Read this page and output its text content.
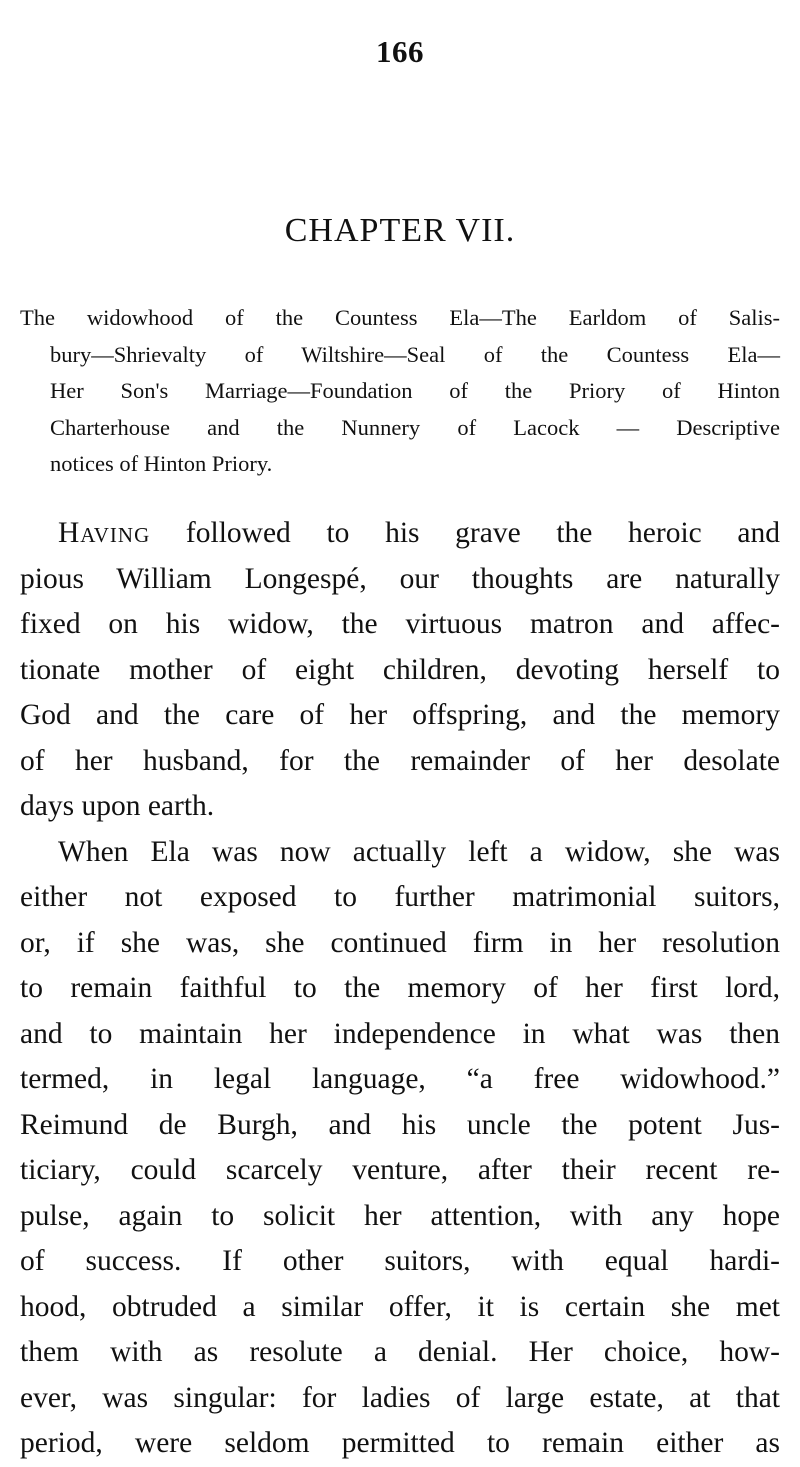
166
CHAPTER VII.
The widowhood of the Countess Ela—The Earldom of Salis-
bury—Shrievalty of Wiltshire—Seal of the Countess Ela—
Her Son's Marriage—Foundation of the Priory of Hinton
Charterhouse and the Nunnery of Lacock — Descriptive
notices of Hinton Priory.
Having followed to his grave the heroic and
pious William Longespé, our thoughts are naturally
fixed on his widow, the virtuous matron and affec-
tionate mother of eight children, devoting herself to
God and the care of her offspring, and the memory
of her husband, for the remainder of her desolate
days upon earth.
When Ela was now actually left a widow, she was
either not exposed to further matrimonial suitors,
or, if she was, she continued firm in her resolution
to remain faithful to the memory of her first lord,
and to maintain her independence in what was then
termed, in legal language, “a free widowhood.”
Reimund de Burgh, and his uncle the potent Jus-
ticiary, could scarcely venture, after their recent re-
pulse, again to solicit her attention, with any hope
of success. If other suitors, with equal hardi-
hood, obtruded a similar offer, it is certain she met
them with as resolute a denial. Her choice, how-
ever, was singular: for ladies of large estate, at that
period, were seldom permitted to remain either as
